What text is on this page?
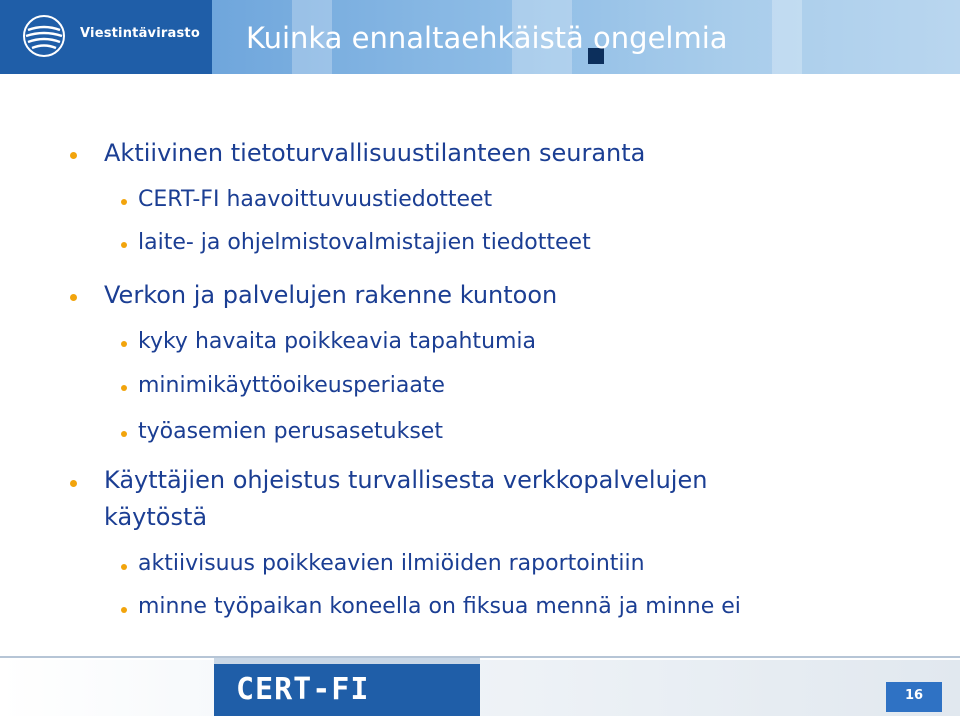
Viestintävirasto Kuinka ennaltaehkäistä ongelmia
Aktiivinen tietoturvallisuustilanteen seuranta
CERT-FI haavoittuvuustiedotteet
laite- ja ohjelmistovalmistajien tiedotteet
Verkon ja palvelujen rakenne kuntoon
kyky havaita poikkeavia tapahtumia
minimikäyttöoikeusperiaate
työasemien perusasetukset
Käyttäjien ohjeistus turvallisesta verkkopalvelujen
käytöstä
aktiivisuus poikkeavien ilmiöiden raportointiin
minne työpaikan koneella on fiksua mennä ja minne ei
CERT-FI	16
